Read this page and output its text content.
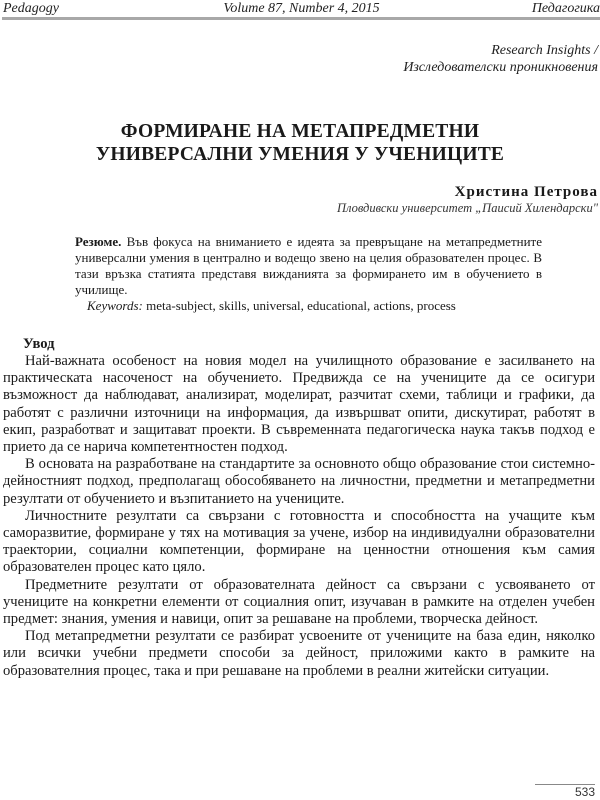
Pedagogy	Volume 87, Number 4, 2015	Педагогика
Research Insights /
Изследователски проникновения
ФОРМИРАНЕ НА МЕТАПРЕДМЕТНИ
УНИВЕРСАЛНИ УМЕНИЯ У УЧЕНИЦИТЕ
Христина Петрова
Пловдивски университет „Паисий Хилендарски"

Резюме. Във фокуса на вниманието е идеята за превръщане на метапредметните универсални умения в централно и водещо звено на целия образователен процес. В тази връзка статията представя вижданията за формирането им в обучението в училище.

Keywords: meta-subject, skills, universal, educational, actions, process

Увод

Най-важната особеност на новия модел на училищното образование е засилването на практическата насоченост на обучението. Предвижда се на учениците да се осигури възможност да наблюдават, анализират, моделират, разчитат схеми, таблици и графики, да работят с различни източници на информация, да извършват опити, дискутират, работят в екип, разработват и защитават проекти. В съвременната педагогическа наука такъв подход е прието да се нарича компетентностен подход.

В основата на разработване на стандартите за основното общо образование стои системно-дейностният подход, предполагащ обособяването на личностни, предметни и метапредметни резултати от обучението и възпитанието на учениците.

Личностните резултати са свързани с готовността и способността на учащите към саморазвитие, формиране у тях на мотивация за учене, избор на индивидуални образователни траектории, социални компетенции, формиране на ценностни отношения към самия образователен процес като цяло.

Предметните резултати от образователната дейност са свързани с усвояването от учениците на конкретни елементи от социалния опит, изучаван в рамките на отделен учебен предмет: знания, умения и навици, опит за решаване на проблеми, творческа дейност.

Под метапредметни резултати се разбират усвоените от учениците на база един, няколко или всички учебни предмети способи за дейност, приложими както в рамките на образователния процес, така и при решаване на проблеми в реални житейски ситуации.

533
